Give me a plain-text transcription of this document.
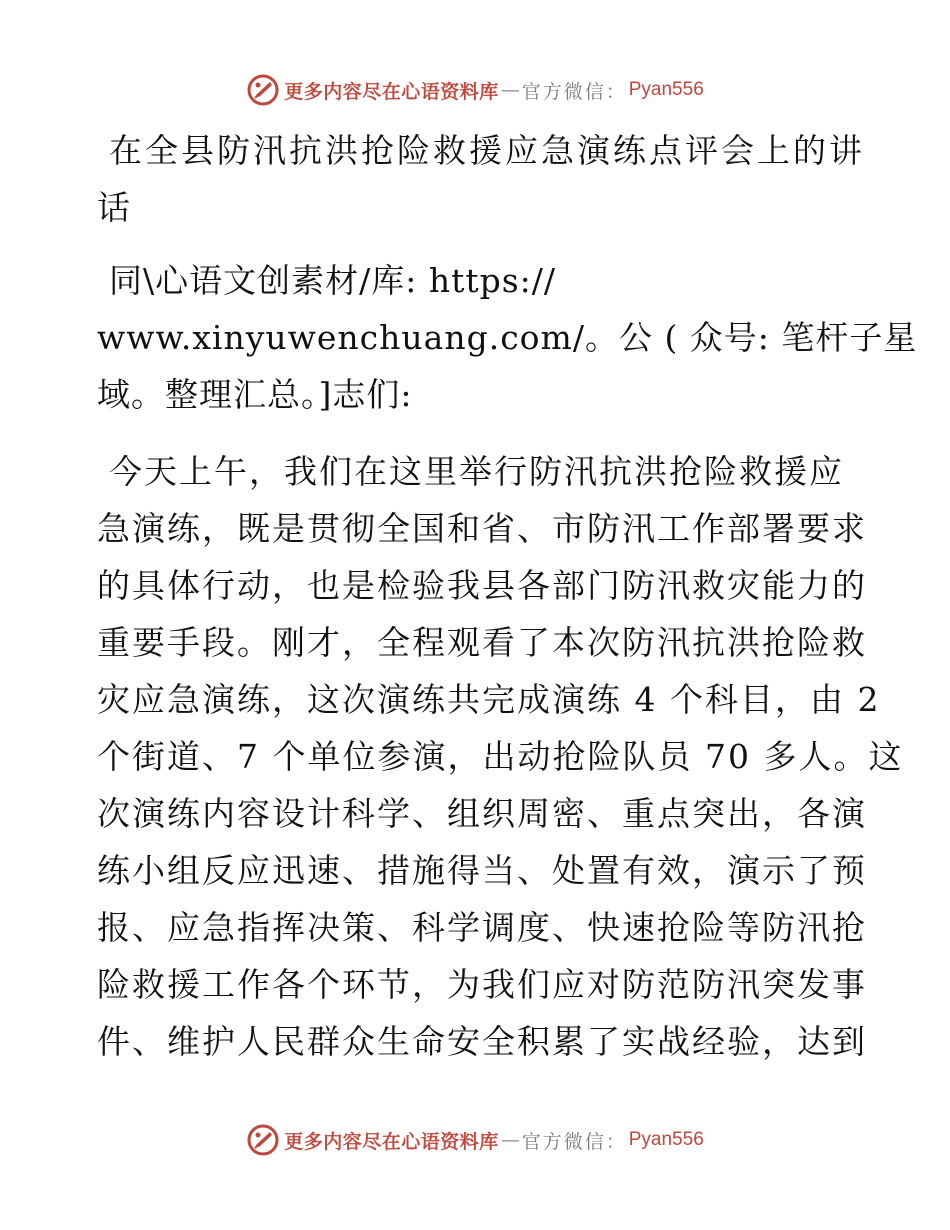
更多内容尽在心语资料库 — 官方微信： Pyan556
在全县防汛抗洪抢险救援应急演练点评会上的讲
话
同\心语文创素材/库: https://
www.xinyuwenchuang.com/。公 ( 众号: 笔杆子星
域。整理汇总。]志们:
今天上午，我们在这里举行防汛抗洪抢险救援应
急演练，既是贯彻全国和省、市防汛工作部署要求
的具体行动，也是检验我县各部门防汛救灾能力的
重要手段。刚才，全程观看了本次防汛抗洪抢险救
灾应急演练，这次演练共完成演练 4 个科目，由 2
个街道、7 个单位参演，出动抢险队员 70 多人。这
次演练内容设计科学、组织周密、重点突出，各演
练小组反应迅速、措施得当、处置有效，演示了预
报、应急指挥决策、科学调度、快速抢险等防汛抢
险救援工作各个环节，为我们应对防范防汛突发事
件、维护人民群众生命安全积累了实战经验，达到
更多内容尽在心语资料库 — 官方微信： Pyan556
